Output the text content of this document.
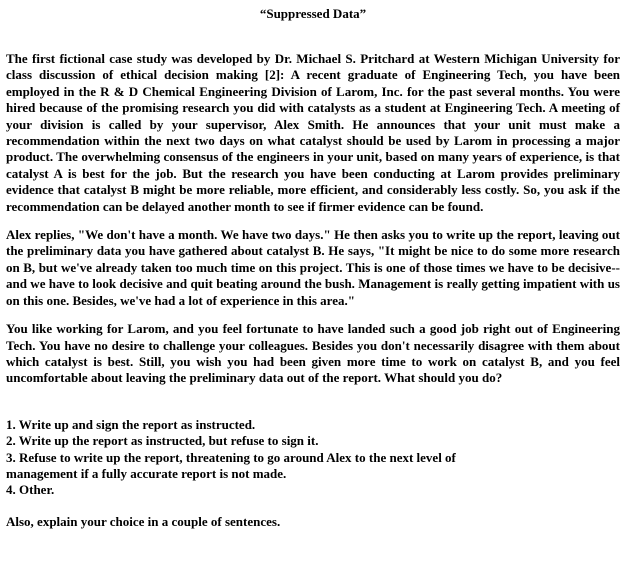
“Suppressed Data”

The first fictional case study was developed by Dr. Michael S. Pritchard at Western Michigan University for class discussion of ethical decision making [2]: A recent graduate of Engineering Tech, you have been employed in the R & D Chemical Engineering Division of Larom, Inc. for the past several months. You were hired because of the promising research you did with catalysts as a student at Engineering Tech. A meeting of your division is called by your supervisor, Alex Smith. He announces that your unit must make a recommendation within the next two days on what catalyst should be used by Larom in processing a major product. The overwhelming consensus of the engineers in your unit, based on many years of experience, is that catalyst A is best for the job. But the research you have been conducting at Larom provides preliminary evidence that catalyst B might be more reliable, more efficient, and considerably less costly. So, you ask if the recommendation can be delayed another month to see if firmer evidence can be found.

Alex replies, "We don't have a month. We have two days." He then asks you to write up the report, leaving out the preliminary data you have gathered about catalyst B. He says, "It might be nice to do some more research on B, but we've already taken too much time on this project. This is one of those times we have to be decisive--and we have to look decisive and quit beating around the bush. Management is really getting impatient with us on this one. Besides, we've had a lot of experience in this area."

You like working for Larom, and you feel fortunate to have landed such a good job right out of Engineering Tech. You have no desire to challenge your colleagues. Besides you don't necessarily disagree with them about which catalyst is best. Still, you wish you had been given more time to work on catalyst B, and you feel uncomfortable about leaving the preliminary data out of the report. What should you do?

1. Write up and sign the report as instructed.
2. Write up the report as instructed, but refuse to sign it.
3. Refuse to write up the report, threatening to go around Alex to the next level of
management if a fully accurate report is not made.
4. Other.
Also, explain your choice in a couple of sentences.
